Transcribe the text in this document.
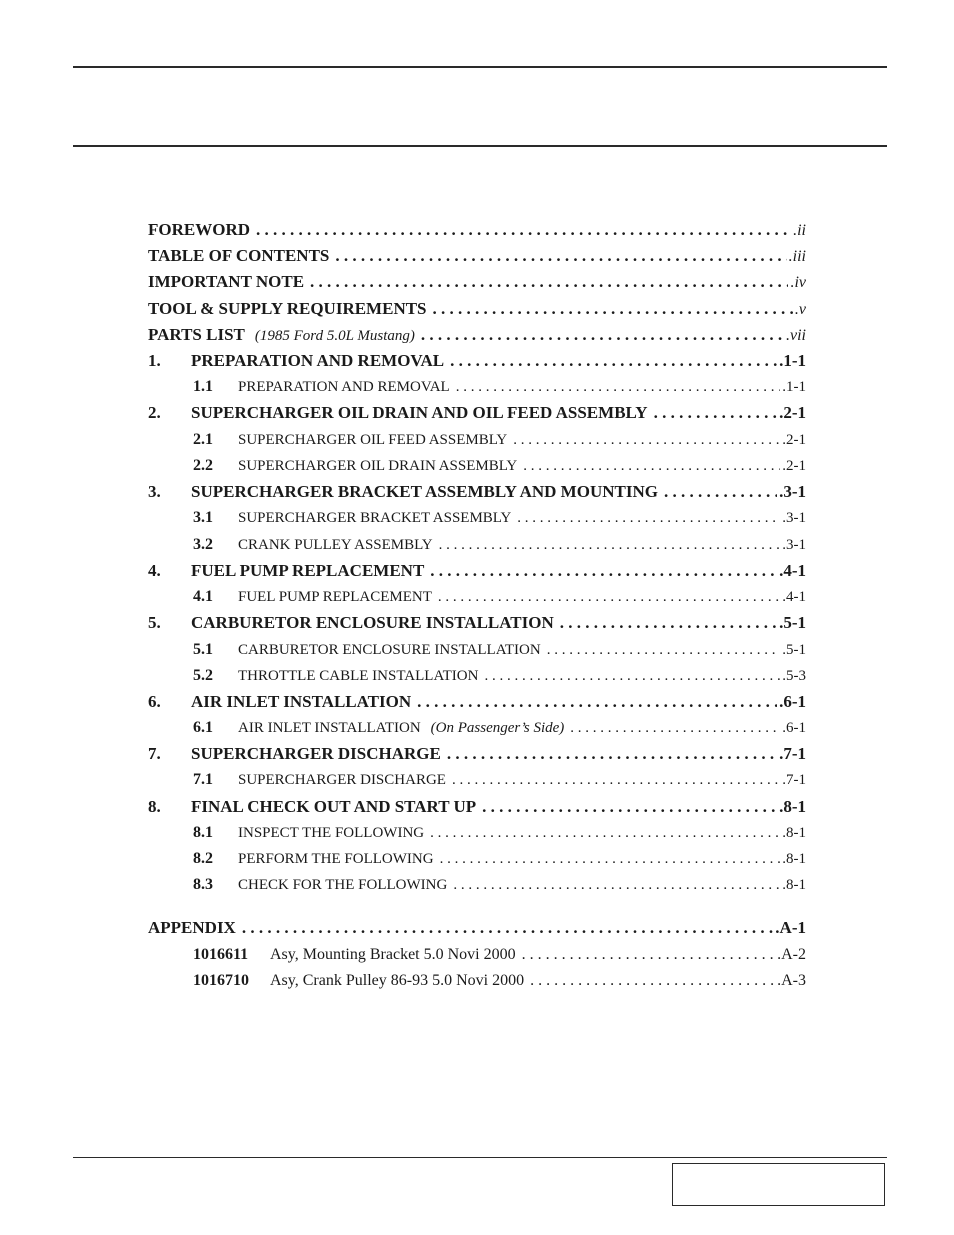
FOREWORD . . .	.ii
TABLE OF CONTENTS . . .	.iii
IMPORTANT NOTE . . .	.iv
TOOL & SUPPLY REQUIREMENTS . . .	.v
PARTS LIST (1985 Ford 5.0L Mustang) . . .	.vii
1.	PREPARATION AND REMOVAL . . .	.1-1
1.1	PREPARATION AND REMOVAL . . .	.1-1
2.	SUPERCHARGER OIL DRAIN AND OIL FEED ASSEMBLY . . .	.2-1
2.1	SUPERCHARGER OIL FEED ASSEMBLY . . .	.2-1
2.2	SUPERCHARGER OIL DRAIN ASSEMBLY . . .	.2-1
3.	SUPERCHARGER BRACKET ASSEMBLY AND MOUNTING . . .	.3-1
3.1	SUPERCHARGER BRACKET ASSEMBLY . . .	.3-1
3.2	CRANK PULLEY ASSEMBLY . . .	.3-1
4.	FUEL PUMP REPLACEMENT . . .	.4-1
4.1	FUEL PUMP REPLACEMENT . . .	.4-1
5.	CARBURETOR ENCLOSURE INSTALLATION . . .	.5-1
5.1	CARBURETOR ENCLOSURE INSTALLATION . . .	.5-1
5.2	THROTTLE CABLE INSTALLATION . . .	.5-3
6.	AIR INLET INSTALLATION . . .	.6-1
6.1	AIR INLET INSTALLATION (On Passenger’s Side) . . .	.6-1
7.	SUPERCHARGER DISCHARGE . . .	.7-1
7.1	SUPERCHARGER DISCHARGE . . .	.7-1
8.	FINAL CHECK OUT AND START UP . . .	.8-1
8.1	INSPECT THE FOLLOWING . . .	.8-1
8.2	PERFORM THE FOLLOWING . . .	.8-1
8.3	CHECK FOR THE FOLLOWING . . .	.8-1
APPENDIX . . .	.A-1
1016611	Asy, Mounting Bracket 5.0 Novi 2000 . . .	.A-2
1016710	Asy, Crank Pulley 86-93 5.0 Novi 2000 . . .	.A-3
